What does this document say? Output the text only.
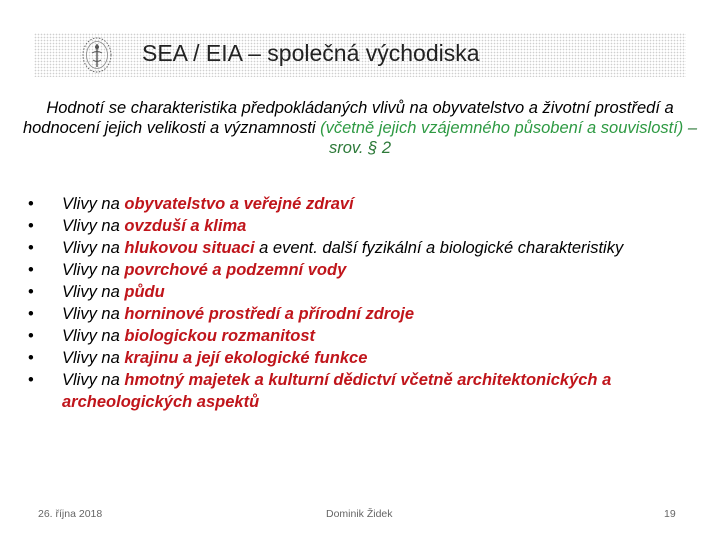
SEA / EIA – společná východiska
Hodnotí se charakteristika předpokládaných vlivů na obyvatelstvo a životní prostředí a hodnocení jejich velikosti a významnosti (včetně jejich vzájemného působení a souvislostí) – srov. § 2
• Vlivy na obyvatelstvo a veřejné zdraví
• Vlivy na ovzduší a klima
• Vlivy na hlukovou situaci a event. další fyzikální a biologické charakteristiky
• Vlivy na povrchové a podzemní vody
• Vlivy na půdu
• Vlivy na horninové prostředí a přírodní zdroje
• Vlivy na biologickou rozmanitost
• Vlivy na krajinu a její ekologické funkce
• Vlivy na hmotný majetek a kulturní dědictví včetně architektonických a archeologických aspektů
26. října 2018	Dominik Židek	19
